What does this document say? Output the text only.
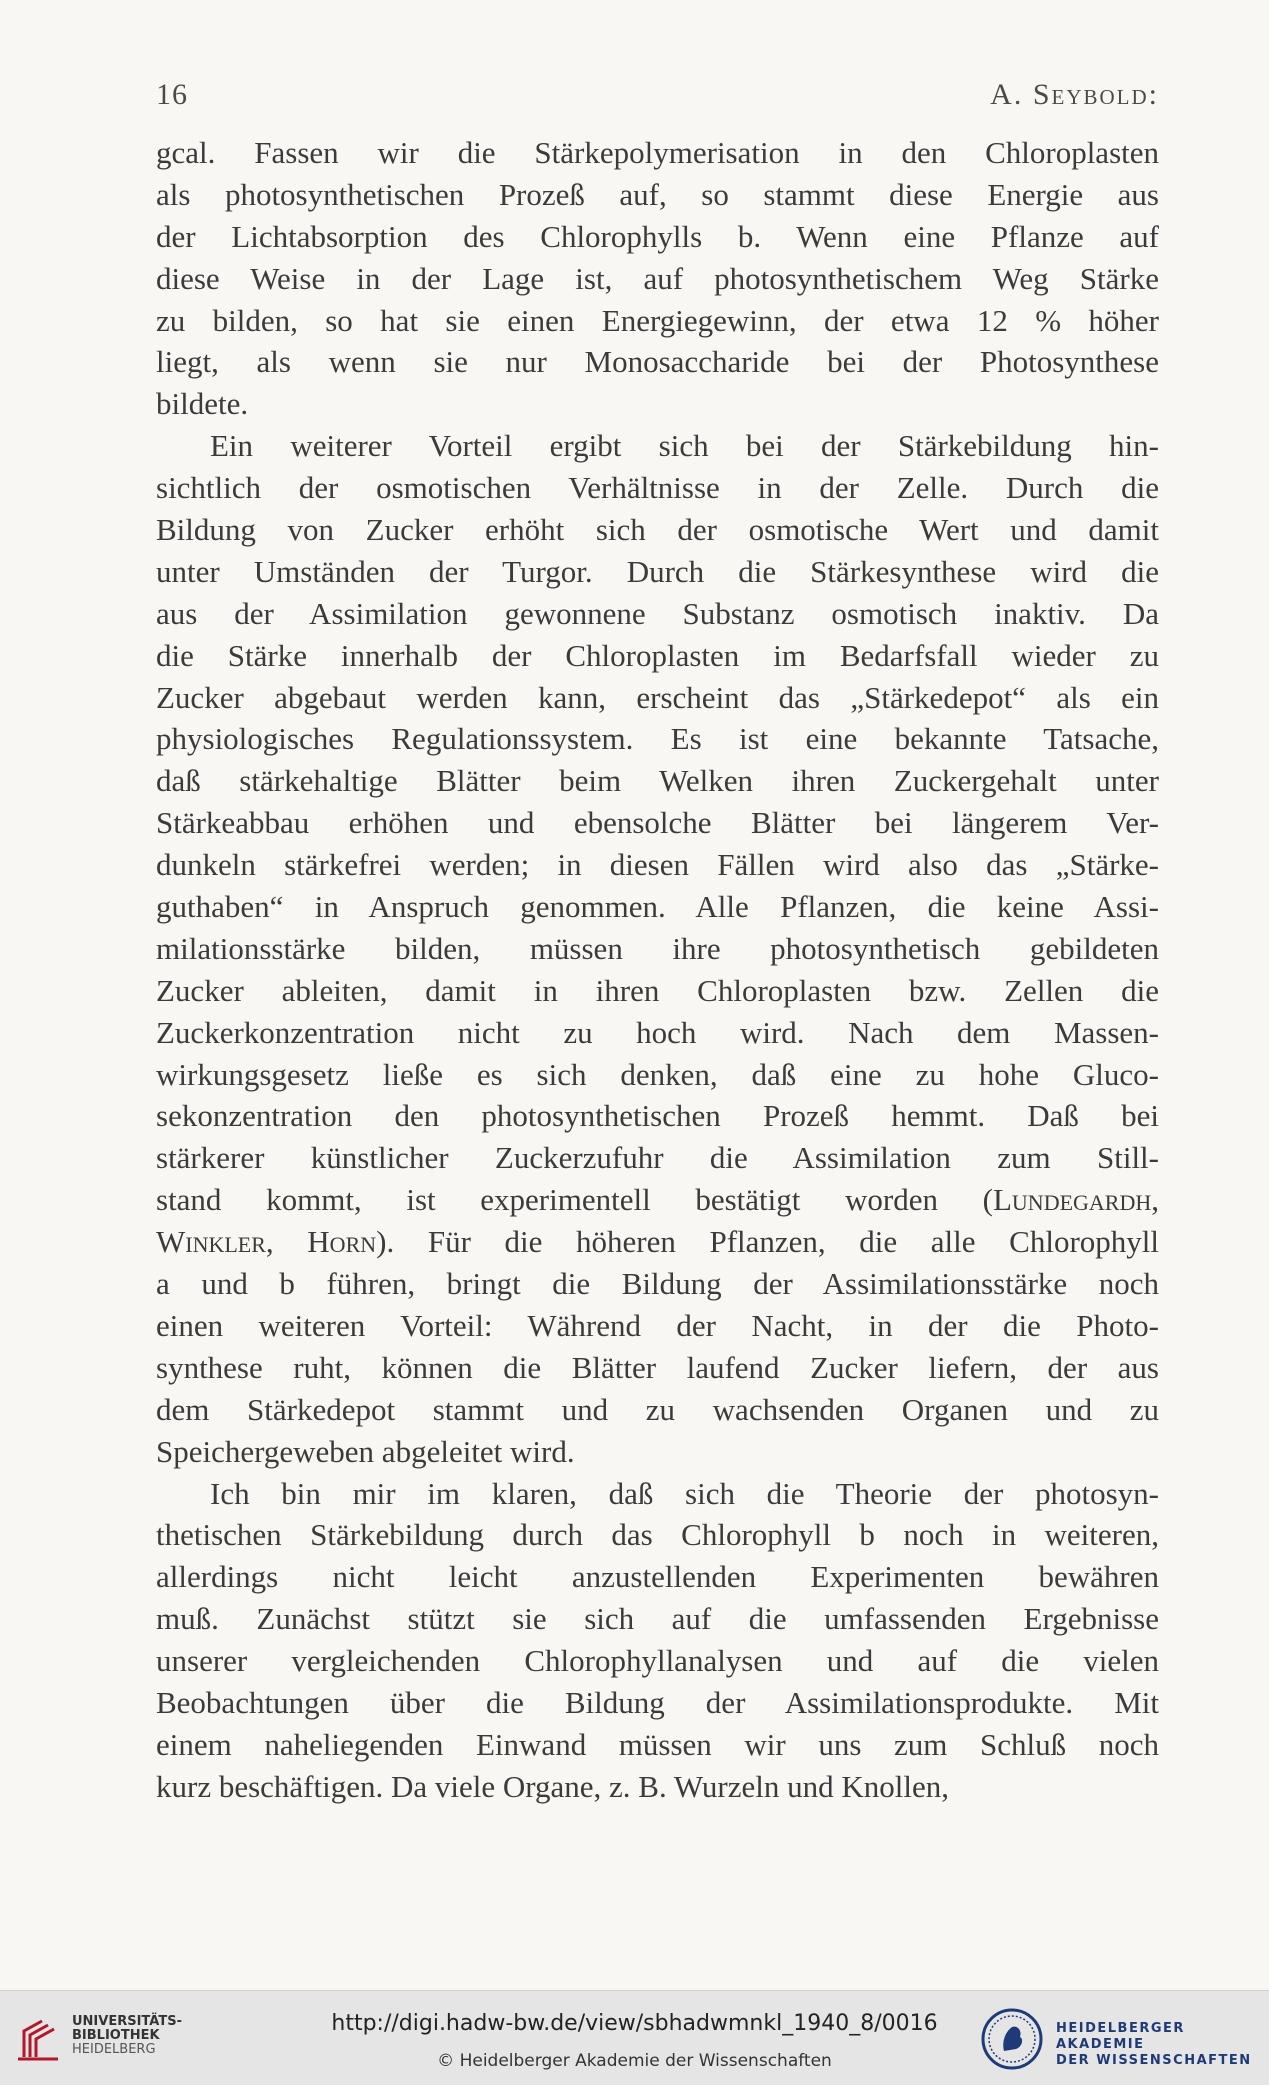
16	A. Seybold:
gcal. Fassen wir die Stärkepolymerisation in den Chloroplasten
als photosynthetischen Prozeß auf, so stammt diese Energie aus
der Lichtabsorption des Chlorophylls b. Wenn eine Pflanze auf
diese Weise in der Lage ist, auf photosynthetischem Weg Stärke
zu bilden, so hat sie einen Energiegewinn, der etwa 12 % höher
liegt, als wenn sie nur Monosaccharide bei der Photosynthese
bildete.
Ein weiterer Vorteil ergibt sich bei der Stärkebildung hin-
sichtlich der osmotischen Verhältnisse in der Zelle. Durch die
Bildung von Zucker erhöht sich der osmotische Wert und damit
unter Umständen der Turgor. Durch die Stärkesynthese wird die
aus der Assimilation gewonnene Substanz osmotisch inaktiv. Da
die Stärke innerhalb der Chloroplasten im Bedarfsfall wieder zu
Zucker abgebaut werden kann, erscheint das „Stärkedepot“ als ein
physiologisches Regulationssystem. Es ist eine bekannte Tatsache,
daß stärkehaltige Blätter beim Welken ihren Zuckergehalt unter
Stärkeabbau erhöhen und ebensolche Blätter bei längerem Ver-
dunkeln stärkefrei werden; in diesen Fällen wird also das „Stärke-
guthaben“ in Anspruch genommen. Alle Pflanzen, die keine Assi-
milationsstärke bilden, müssen ihre photosynthetisch gebildeten
Zucker ableiten, damit in ihren Chloroplasten bzw. Zellen die
Zuckerkonzentration nicht zu hoch wird. Nach dem Massen-
wirkungsgesetz ließe es sich denken, daß eine zu hohe Gluco-
sekonzentration den photosynthetischen Prozeß hemmt. Daß bei
stärkerer künstlicher Zuckerzufuhr die Assimilation zum Still-
stand kommt, ist experimentell bestätigt worden (Lundegardh,
Winkler, Horn). Für die höheren Pflanzen, die alle Chlorophyll
a und b führen, bringt die Bildung der Assimilationsstärke noch
einen weiteren Vorteil: Während der Nacht, in der die Photo-
synthese ruht, können die Blätter laufend Zucker liefern, der aus
dem Stärkedepot stammt und zu wachsenden Organen und zu
Speichergeweben abgeleitet wird.
Ich bin mir im klaren, daß sich die Theorie der photosyn-
thetischen Stärkebildung durch das Chlorophyll b noch in weiteren,
allerdings nicht leicht anzustellenden Experimenten bewähren
muß. Zunächst stützt sie sich auf die umfassenden Ergebnisse
unserer vergleichenden Chlorophyllanalysen und auf die vielen
Beobachtungen über die Bildung der Assimilationsprodukte. Mit
einem naheliegenden Einwand müssen wir uns zum Schluß noch
kurz beschäftigen. Da viele Organe, z. B. Wurzeln und Knollen,
UNIVERSITÄTS-
BIBLIOTHEK
HEIDELBERG
http://digi.hadw-bw.de/view/sbhadwmnkl_1940_8/0016
© Heidelberger Akademie der Wissenschaften
HEIDELBERGER AKADEMIE
DER WISSENSCHAFTEN
